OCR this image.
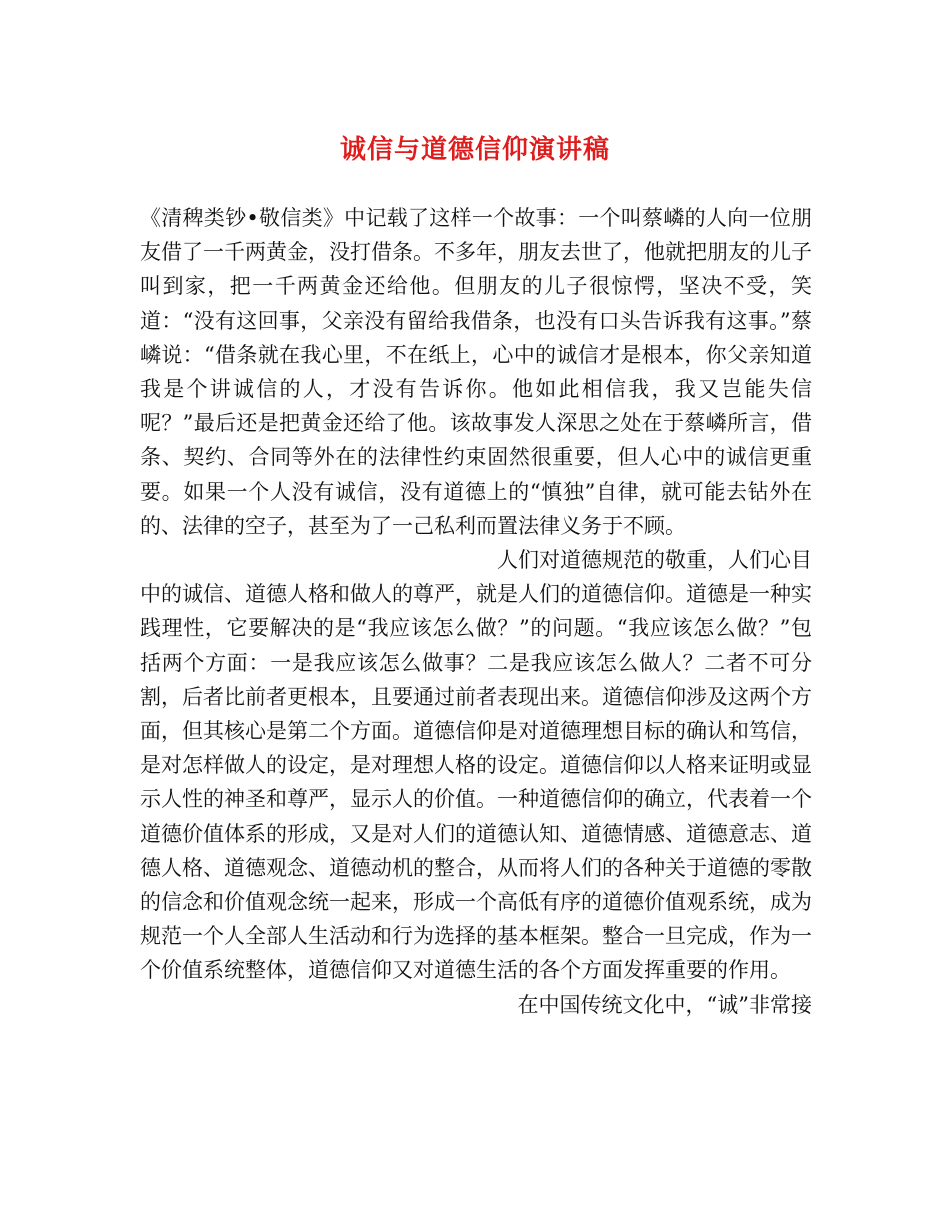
诚信与道德信仰演讲稿

《清稗类钞•敬信类》中记载了这样一个故事：一个叫蔡嶙的人向一位朋友借了一千两黄金，没打借条。不多年，朋友去世了，他就把朋友的儿子叫到家，把一千两黄金还给他。但朋友的儿子很惊愕，坚决不受，笑道：“没有这回事，父亲没有留给我借条，也没有口头告诉我有这事。”蔡嶙说：“借条就在我心里，不在纸上，心中的诚信才是根本，你父亲知道我是个讲诚信的人，才没有告诉你。他如此相信我，我又岂能失信呢？”最后还是把黄金还给了他。该故事发人深思之处在于蔡嶙所言，借条、契约、合同等外在的法律性约束固然很重要，但人心中的诚信更重要。如果一个人没有诚信，没有道德上的“慎独”自律，就可能去钻外在的、法律的空子，甚至为了一己私利而置法律义务于不顾。

人们对道德规范的敬重，人们心目

中的诚信、道德人格和做人的尊严，就是人们的道德信仰。道德是一种实践理性，它要解决的是“我应该怎么做？”的问题。“我应该怎么做？”包括两个方面：一是我应该怎么做事？二是我应该怎么做人？二者不可分割，后者比前者更根本，且要通过前者表现出来。道德信仰涉及这两个方面，但其核心是第二个方面。道德信仰是对道德理想目标的确认和笃信，是对怎样做人的设定，是对理想人格的设定。道德信仰以人格来证明或显示人性的神圣和尊严，显示人的价值。一种道德信仰的确立，代表着一个道德价值体系的形成，又是对人们的道德认知、道德情感、道德意志、道德人格、道德观念、道德动机的整合，从而将人们的各种关于道德的零散的信念和价值观念统一起来，形成一个高低有序的道德价值观系统，成为规范一个人全部人生活动和行为选择的基本框架。整合一旦完成，作为一个价值系统整体，道德信仰又对道德生活的各个方面发挥重要的作用。

在中国传统文化中，“诚”非常接
